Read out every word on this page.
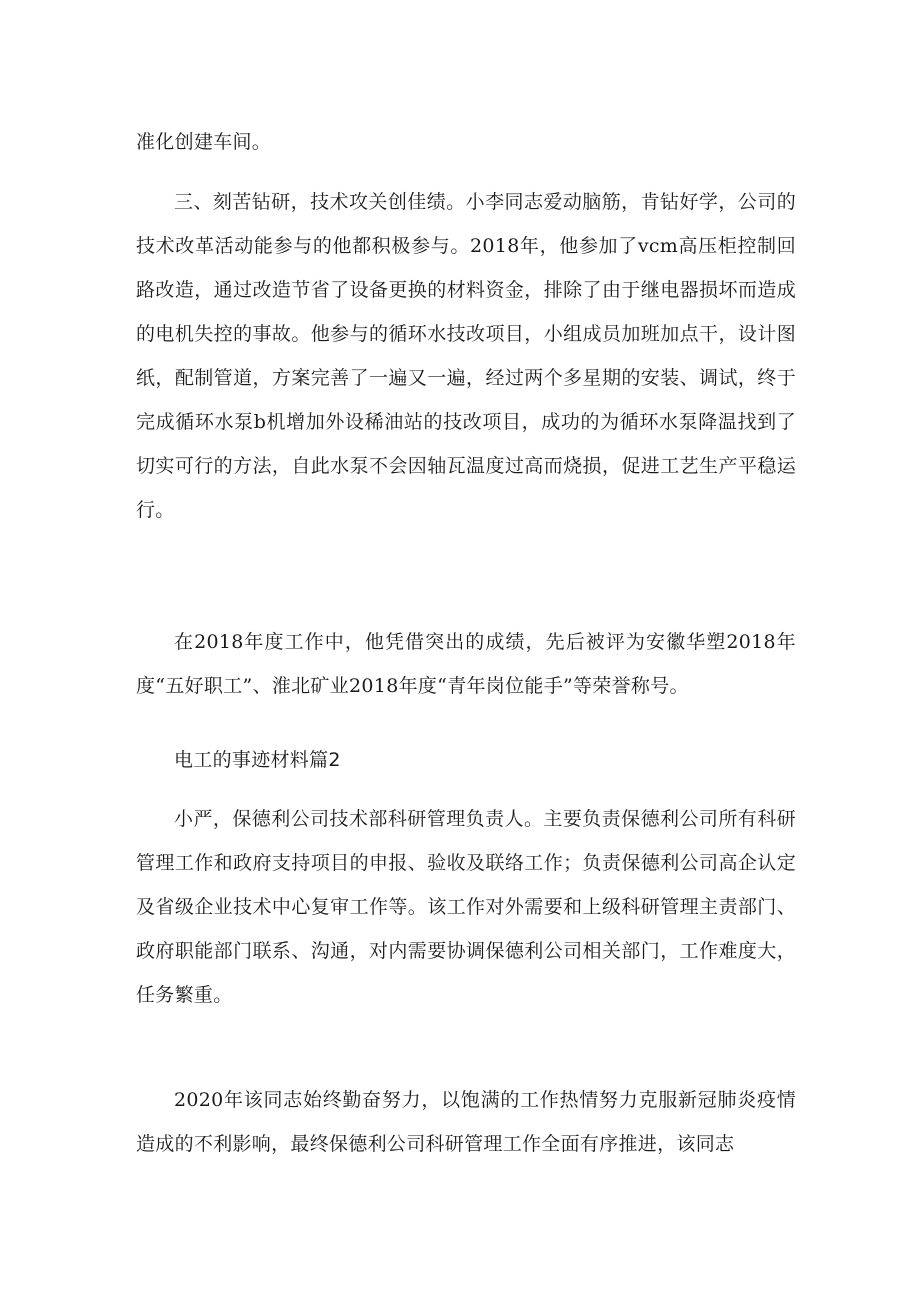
准化创建车间。

三、刻苦钻研，技术攻关创佳绩。小李同志爱动脑筋，肯钻好学，公司的技术改革活动能参与的他都积极参与。2018年，他参加了vcm高压柜控制回路改造，通过改造节省了设备更换的材料资金，排除了由于继电器损坏而造成的电机失控的事故。他参与的循环水技改项目，小组成员加班加点干，设计图纸，配制管道，方案完善了一遍又一遍，经过两个多星期的安装、调试，终于完成循环水泵b机增加外设稀油站的技改项目，成功的为循环水泵降温找到了切实可行的方法，自此水泵不会因轴瓦温度过高而烧损，促进工艺生产平稳运行。

在2018年度工作中，他凭借突出的成绩，先后被评为安徽华塑2018年度“五好职工”、淮北矿业2018年度“青年岗位能手”等荣誉称号。

电工的事迹材料篇2

小严，保德利公司技术部科研管理负责人。主要负责保德利公司所有科研管理工作和政府支持项目的申报、验收及联络工作；负责保德利公司高企认定及省级企业技术中心复审工作等。该工作对外需要和上级科研管理主责部门、政府职能部门联系、沟通，对内需要协调保德利公司相关部门，工作难度大，任务繁重。

2020年该同志始终勤奋努力，以饱满的工作热情努力克服新冠肺炎疫情造成的不利影响，最终保德利公司科研管理工作全面有序推进，该同志
